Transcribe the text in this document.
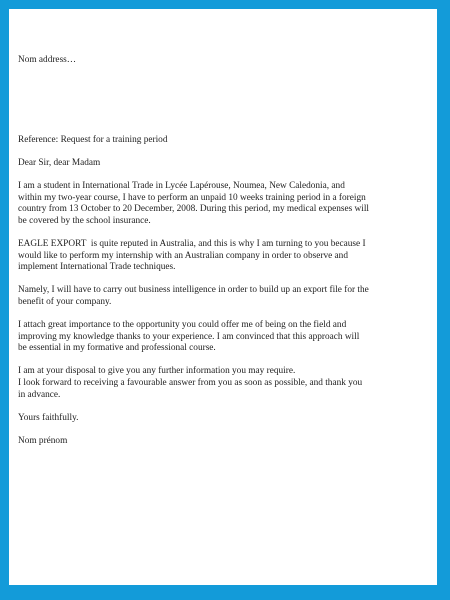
Nom address…
Reference: Request for a training period
Dear Sir, dear Madam
I am a student in International Trade in Lycée Lapérouse, Noumea, New Caledonia, and
within my two-year course, I have to perform an unpaid 10 weeks training period in a foreign
country from 13 October to 20 December, 2008. During this period, my medical expenses will
be covered by the school insurance.
EAGLE EXPORT  is quite reputed in Australia, and this is why I am turning to you because I
would like to perform my internship with an Australian company in order to observe and
implement International Trade techniques.
Namely, I will have to carry out business intelligence in order to build up an export file for the
benefit of your company.
I attach great importance to the opportunity you could offer me of being on the field and
improving my knowledge thanks to your experience. I am convinced that this approach will
be essential in my formative and professional course.
I am at your disposal to give you any further information you may require.
I look forward to receiving a favourable answer from you as soon as possible, and thank you
in advance.
Yours faithfully.
Nom prénom
